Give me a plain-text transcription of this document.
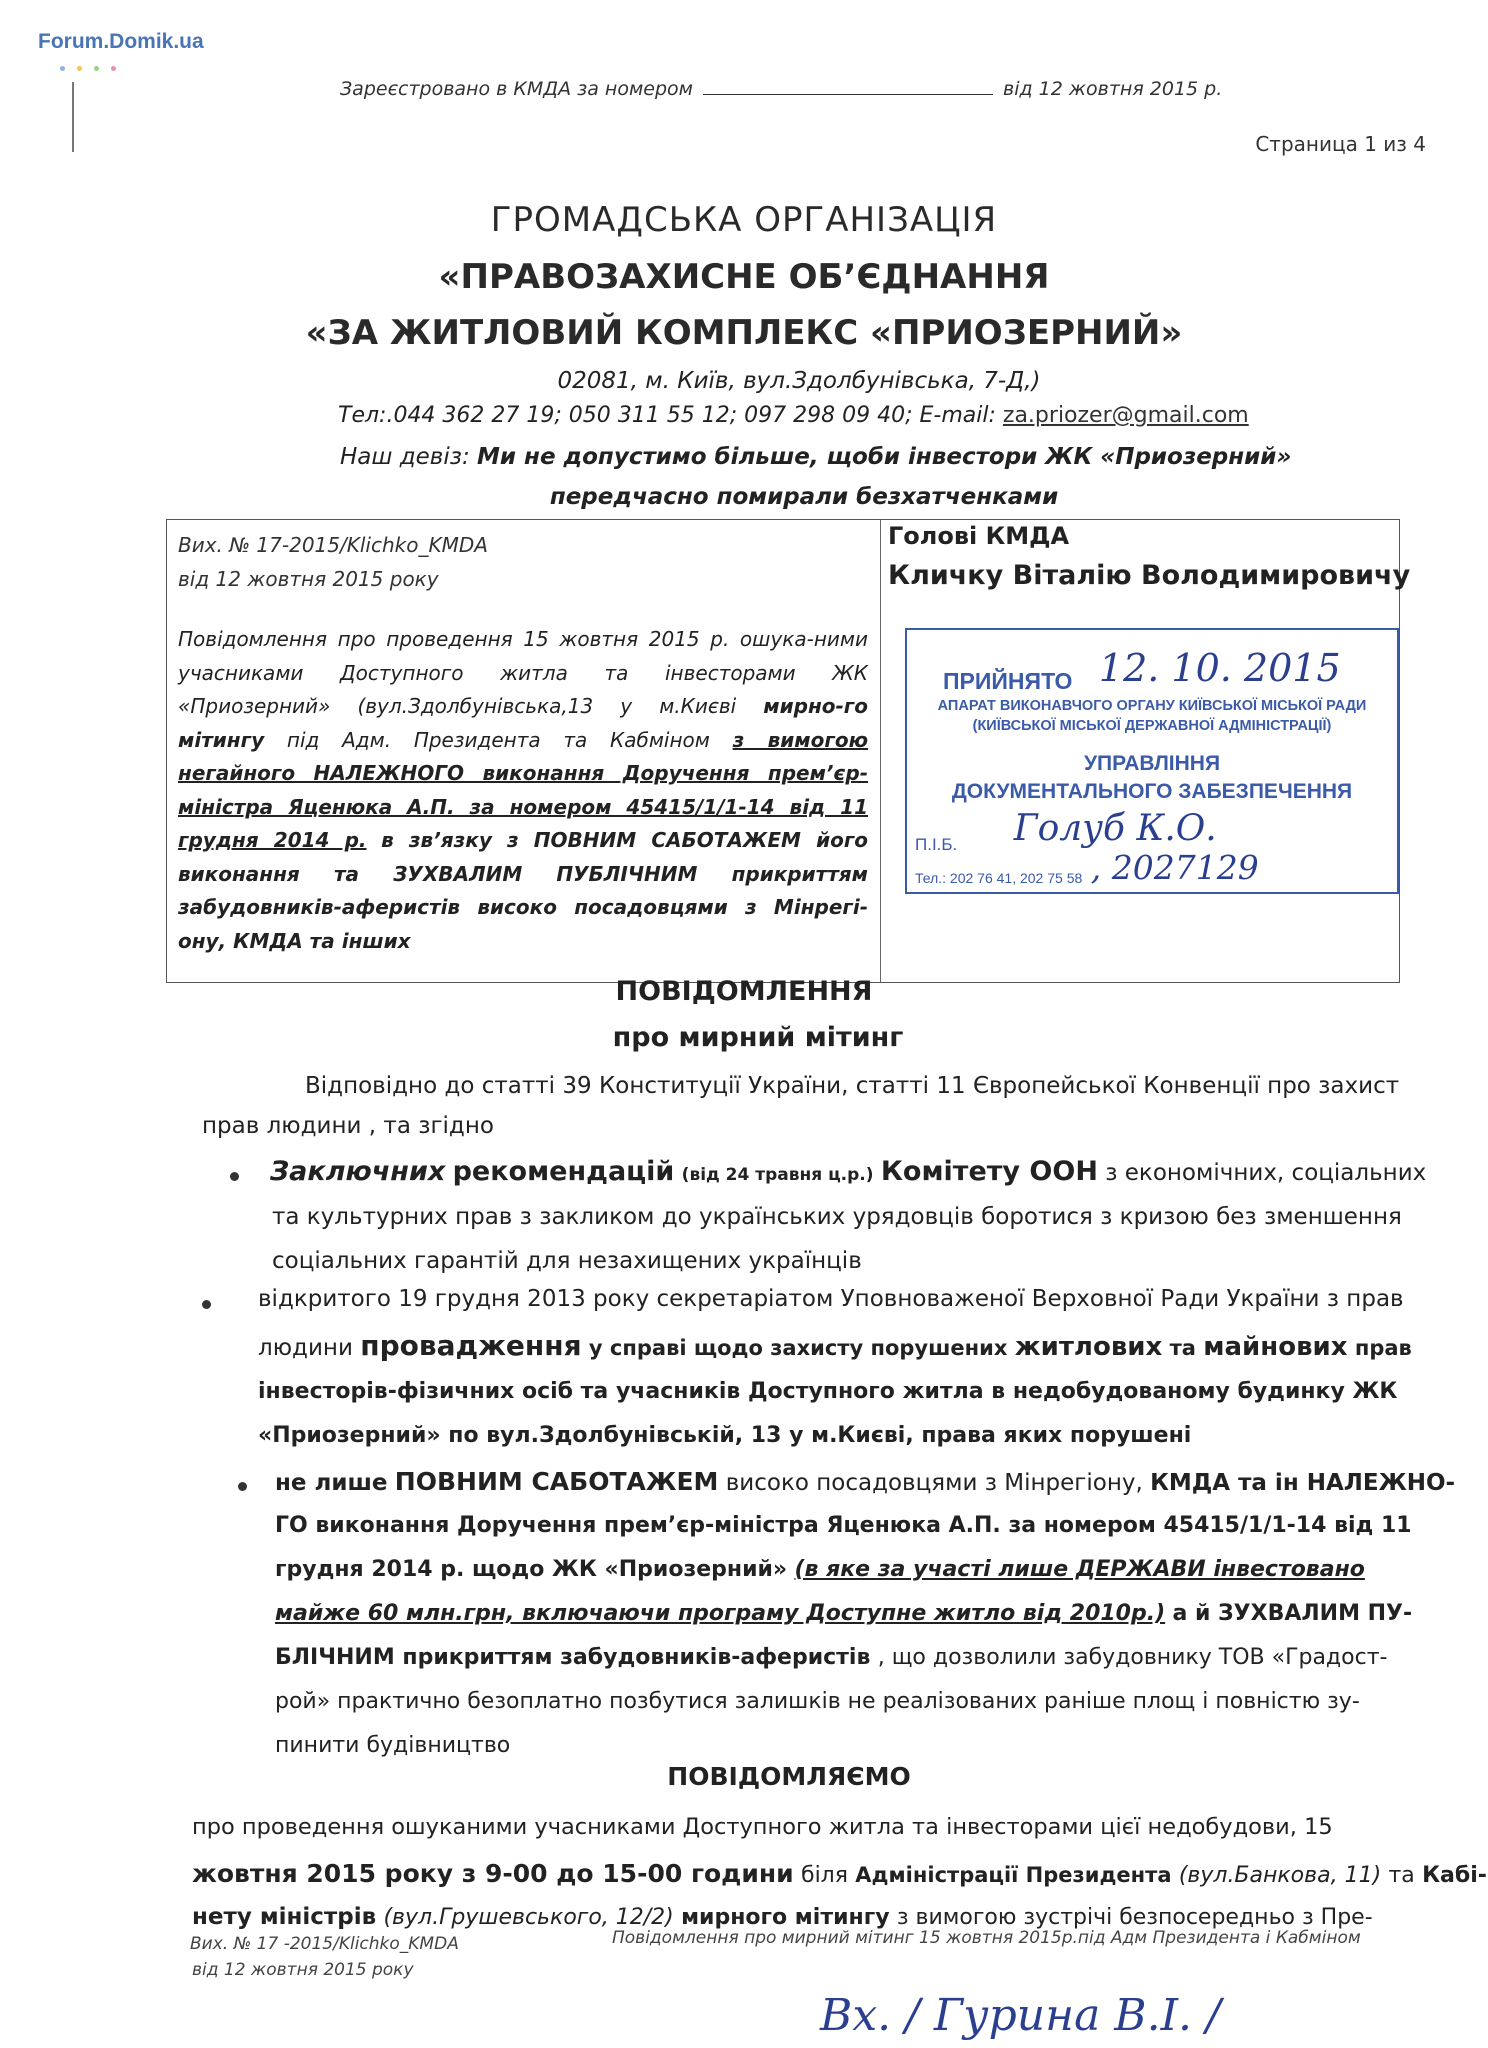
Forum.Domik.ua
Зареєстровано в КМДА за номером	від 12 жовтня 2015 р.
Страница 1 из 4
ГРОМАДСЬКА ОРГАНІЗАЦІЯ
«ПРАВОЗАХИСНЕ ОБ’ЄДНАННЯ
«ЗА ЖИТЛОВИЙ КОМПЛЕКС «ПРИОЗЕРНИЙ»
02081, м. Київ, вул.Здолбунівська, 7-Д,)
Тел:.044 362 27 19; 050 311 55 12; 097 298 09 40; E-mail: za.priozer@gmail.com
Наш девіз: Ми не допустимо більше, щоби інвестори ЖК «Приозерний»
передчасно помирали безхатченками
Вих. № 17-2015/Klichko_KMDA
від 12 жовтня 2015 року
Повідомлення про проведення 15 жовтня 2015 р. ошука-ними учасниками Доступного житла та інвесторами ЖК «Приозерний» (вул.Здолбунівська,13 у м.Києві мирно-го мітингу під Адм. Президента та Кабміном з вимогою негайного НАЛЕЖНОГО виконання Доручення прем’єр-міністра Яценюка А.П. за номером 45415/1/1-14 від 11 грудня 2014 р. в зв’язку з ПОВНИМ САБОТАЖЕМ його виконання та ЗУХВАЛИМ ПУБЛІЧНИМ прикриттям забудовників-аферистів високо посадовцями з Мінрегі-ону, КМДА та інших
Голові КМДА
Кличку Віталію Володимировичу
ПРИЙНЯТО 12. 10. 2015
АПАРАТ ВИКОНАВЧОГО ОРГАНУ КИЇВСЬКОЇ МІСЬКОЇ РАДИ
(КИЇВСЬКОЇ МІСЬКОЇ ДЕРЖАВНОЇ АДМІНІСТРАЦІЇ)
УПРАВЛІННЯ
ДОКУМЕНТАЛЬНОГО ЗАБЕЗПЕЧЕННЯ
П.І.Б. Голуб К.О.
Тел.: 202 76 41, 202 75 58 , 2027129
ПОВІДОМЛЕННЯ
про мирний мітинг
Відповідно до статті 39 Конституції України, статті 11 Європейської Конвенції про захист
прав людини , та згідно
Заключних рекомендацій (від 24 травня ц.р.) Комітету ООН з економічних, соціальних
та культурних прав з закликом до українських урядовців боротися з кризою без зменшення
соціальних гарантій для незахищених українців
відкритого 19 грудня 2013 року секретаріатом Уповноваженої Верховної Ради України з прав
людини провадження у справі щодо захисту порушених житлових та майнових прав
інвесторів-фізичних осіб та учасників Доступного житла в недобудованому будинку ЖК
«Приозерний» по вул.Здолбунівській, 13 у м.Києві, права яких порушені
не лише ПОВНИМ САБОТАЖЕМ високо посадовцями з Мінрегіону, КМДА та ін НАЛЕЖНО-
ГО виконання Доручення прем’єр-міністра Яценюка А.П. за номером 45415/1/1-14 від 11
грудня 2014 р. щодо ЖК «Приозерний» (в яке за участі лише ДЕРЖАВИ інвестовано
майже 60 млн.грн, включаючи програму Доступне житло від 2010р.) а й ЗУХВАЛИМ ПУ-
БЛІЧНИМ прикриттям забудовників-аферистів , що дозволили забудовнику ТОВ «Градост-
рой» практично безоплатно позбутися залишків не реалізованих раніше площ і повністю зу-
пинити будівництво
ПОВІДОМЛЯЄМО
про проведення ошуканими учасниками Доступного житла та інвесторами цієї недобудови, 15
жовтня 2015 року з 9-00 до 15-00 години біля Адміністрації Президента (вул.Банкова, 11) та Кабі-
нету міністрів (вул.Грушевського, 12/2) мирного мітингу з вимогою зустрічі безпосередньо з Пре-
Вих. № 17 -2015/Klichko_KMDA
від 12 жовтня 2015 року
Повідомлення про мирний мітинг 15 жовтня 2015р.під Адм Президента і Кабміном
Вх. / Гурина В.І. /
